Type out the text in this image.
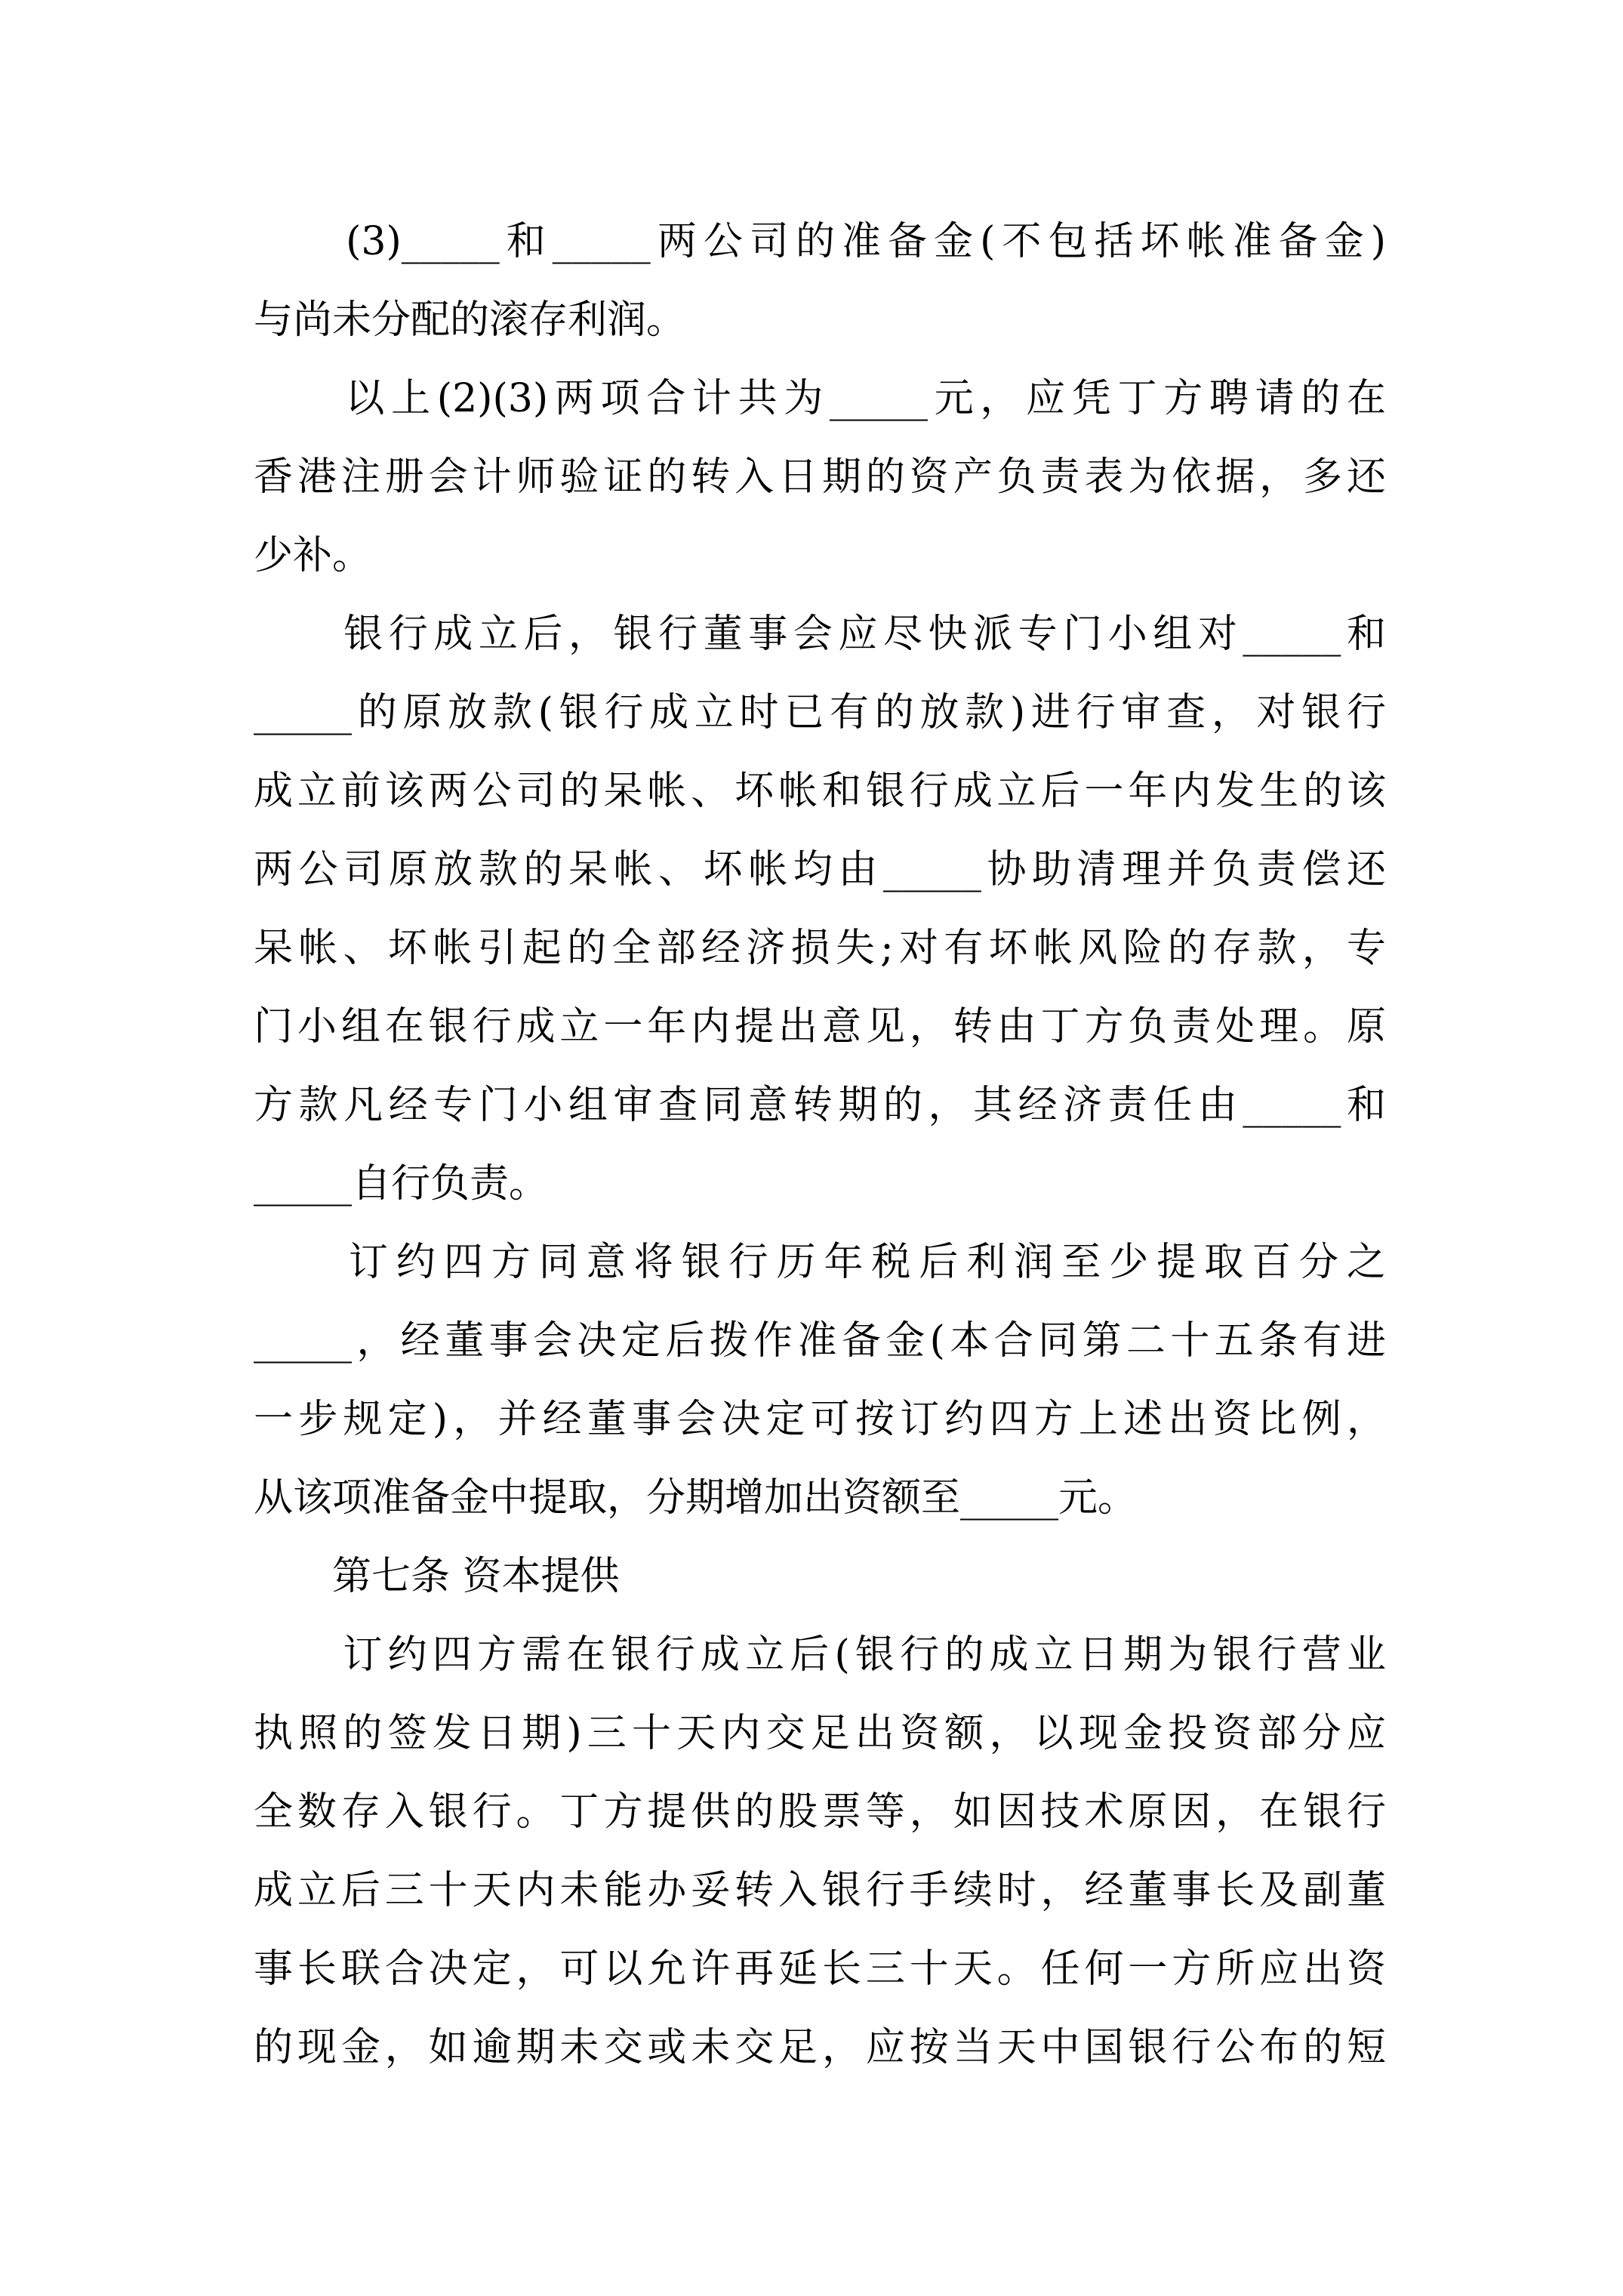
　　(3)_____和_____两公司的准备金(不包括坏帐准备金)
与尚未分配的滚存利润。
　　以上(2)(3)两项合计共为_____元，应凭丁方聘请的在
香港注册会计师验证的转入日期的资产负责表为依据，多还
少补。
　　银行成立后，银行董事会应尽快派专门小组对_____和
_____的原放款(银行成立时已有的放款)进行审查，对银行
成立前该两公司的呆帐、坏帐和银行成立后一年内发生的该
两公司原放款的呆帐、坏帐均由_____协助清理并负责偿还
呆帐、坏帐引起的全部经济损失;对有坏帐风险的存款，专
门小组在银行成立一年内提出意见，转由丁方负责处理。原
方款凡经专门小组审查同意转期的，其经济责任由_____和
_____自行负责。
　　订约四方同意将银行历年税后利润至少提取百分之
_____，经董事会决定后拨作准备金(本合同第二十五条有进
一步规定)，并经董事会决定可按订约四方上述出资比例，
从该项准备金中提取，分期增加出资额至_____元。
　　第七条 资本提供
　　订约四方需在银行成立后(银行的成立日期为银行营业
执照的签发日期)三十天内交足出资额，以现金投资部分应
全数存入银行。丁方提供的股票等，如因技术原因，在银行
成立后三十天内未能办妥转入银行手续时，经董事长及副董
事长联合决定，可以允许再延长三十天。任何一方所应出资
的现金，如逾期未交或未交足，应按当天中国银行公布的短
